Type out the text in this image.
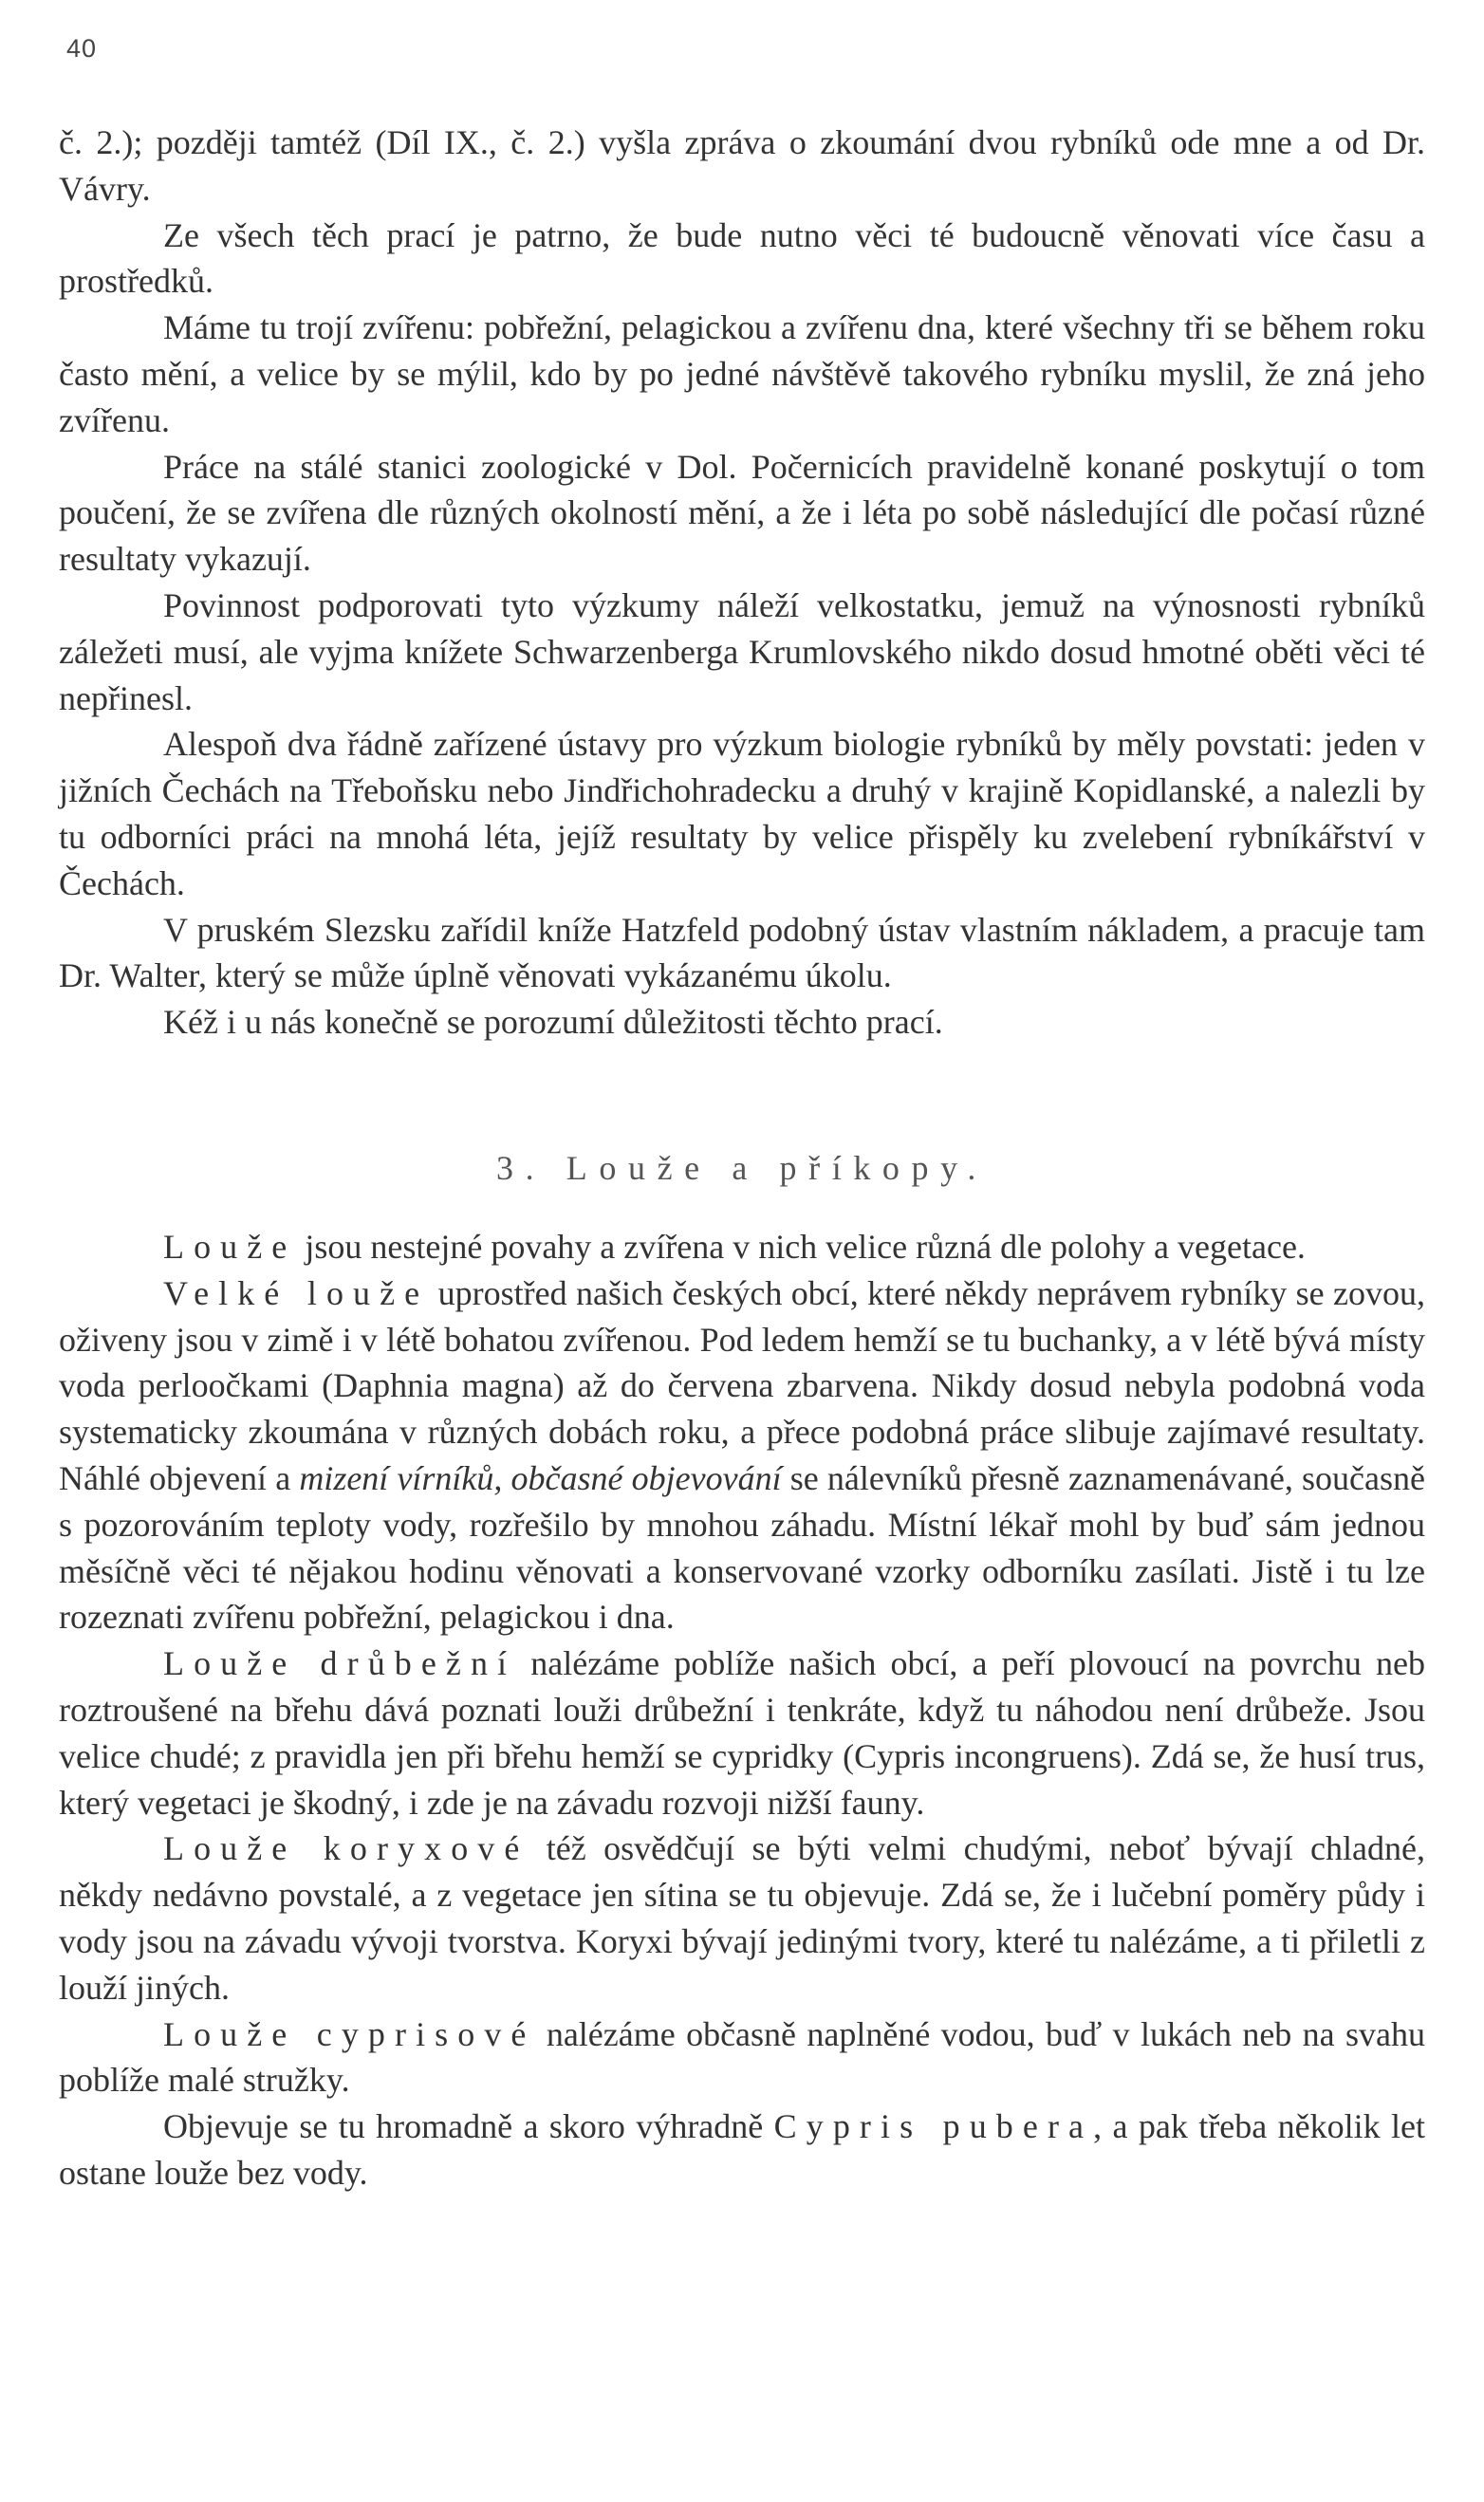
40

č. 2.); později tamtéž (Díl IX., č. 2.) vyšla zpráva o zkoumání dvou rybníků ode mne a od Dr. Vávry.

Ze všech těch prací je patrno, že bude nutno věci té budoucně věnovati více času a prostředků.

Máme tu trojí zvířenu: pobřežní, pelagickou a zvířenu dna, které všechny tři se během roku často mění, a velice by se mýlil, kdo by po jedné návštěvě takového rybníku myslil, že zná jeho zvířenu.

Práce na stálé stanici zoologické v Dol. Počernicích pravidelně konané poskytují o tom poučení, že se zvířena dle různých okolností mění, a že i léta po sobě následující dle počasí různé resultaty vykazují.

Povinnost podporovati tyto výzkumy náleží velkostatku, jemuž na výnosnosti rybníků záležeti musí, ale vyjma knížete Schwarzenberga Krumlovského nikdo dosud hmotné oběti věci té nepřinesl.

Alespoň dva řádně zařízené ústavy pro výzkum biologie rybníků by měly povstati: jeden v jižních Čechách na Třeboňsku nebo Jindřichohradecku a druhý v krajině Kopidlanské, a nalezli by tu odborníci práci na mnohá léta, jejíž resultaty by velice přispěly ku zvelebení rybníkářství v Čechách.

V pruském Slezsku zařídil kníže Hatzfeld podobný ústav vlastním nákladem, a pracuje tam Dr. Walter, který se může úplně věnovati vykázanému úkolu.

Kéž i u nás konečně se porozumí důležitosti těchto prací.

3. Louže a příkopy.

Louže jsou nestejné povahy a zvířena v nich velice různá dle polohy a vegetace.

Velké louže uprostřed našich českých obcí, které někdy neprávem rybníky se zovou, oživeny jsou v zimě i v létě bohatou zvířenou. Pod ledem hemží se tu buchanky, a v létě bývá místy voda perloočkami (Daphnia magna) až do červena zbarvena. Nikdy dosud nebyla podobná voda systematicky zkoumána v různých dobách roku, a přece podobná práce slibuje zajímavé resultaty. Náhlé objevení a mizení vírníků, občasné objevování se nálevníků přesně zaznamenávané, současně s pozorováním teploty vody, rozřešilo by mnohou záhadu. Místní lékař mohl by buď sám jednou měsíčně věci té nějakou hodinu věnovati a konservované vzorky odborníku zasílati. Jistě i tu lze rozeznati zvířenu pobřežní, pelagickou i dna.

Louže drůbežní nalézáme poblíže našich obcí, a peří plovoucí na povrchu neb roztroušené na břehu dává poznati louži drůbežní i tenkráte, když tu náhodou není drůbeže. Jsou velice chudé; z pravidla jen při břehu hemží se cypridky (Cypris incongruens). Zdá se, že husí trus, který vegetaci je škodný, i zde je na závadu rozvoji nižší fauny.

Louže koryxové též osvědčují se býti velmi chudými, neboť bývají chladné, někdy nedávno povstalé, a z vegetace jen sítina se tu objevuje. Zdá se, že i lučební poměry půdy i vody jsou na závadu vývoji tvorstva. Koryxi bývají jedinými tvory, které tu nalézáme, a ti přiletli z louží jiných.

Louže cyprisové nalézáme občasně naplněné vodou, buď v lukách neb na svahu poblíže malé stružky.

Objevuje se tu hromadně a skoro výhradně Cypris pubera, a pak třeba několik let ostane louže bez vody.
